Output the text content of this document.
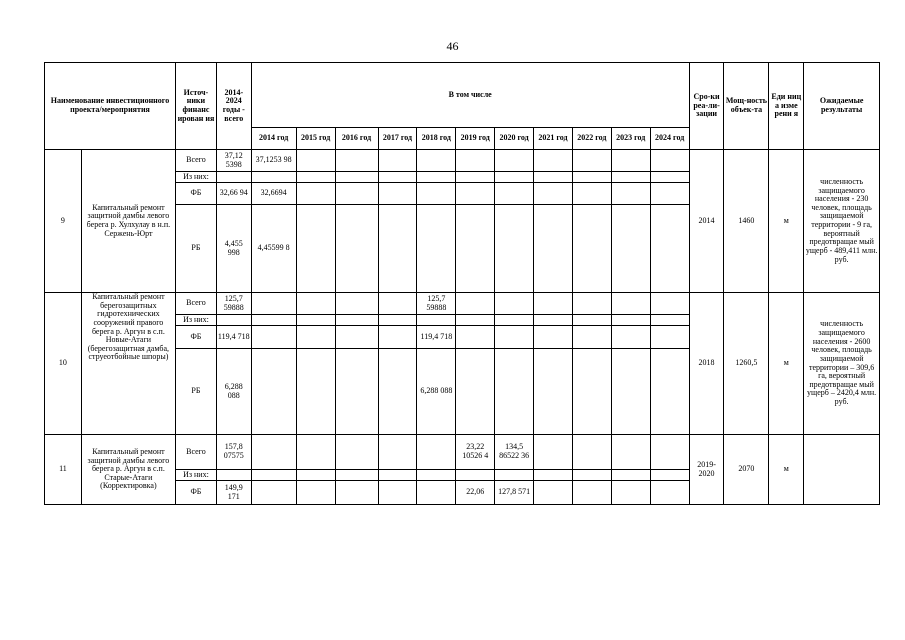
46
Наименование инвестиционного проекта/мероприятия		Источ-ники финанс ирован ия	2014-2024 годы - всего	В том числе											Сро-ки реа-ли-зации	Мощ-ность объек-та	Еди ниц а изме рени я	Ожидаемые результаты
				2014 год	2015 год	2016 год	2017 год	2018 год	2019 год	2020 год	2021 год	2022 год	2023 год	2024 год				
9	Капитальный ремонт защитной дамбы левого берега р. Хулхулау в н.п. Сержень-Юрт	Всего	37,12 5398	37,1253 98											2014	1460	м	численность защищаемого населения - 230 человек, площадь защищаемой территории - 9 га, вероятный предотвращае мый ущерб - 489,411 млн. руб.
		Из них:																
		ФБ	32,66 94	32,6694														
		РБ	4,455 998	4,45599 8														
10	Капитальный ремонт берегозащитных гидротехнических сооружений правого берега р. Аргун в с.п. Новые-Атаги (берегозащитная дамба, струеотбойные шпоры)	Всего	125,7 59888					125,7 59888							2018	1260,5	м	численность защищаемого населения - 2600 человек, площадь защищаемой территории – 309,6 га, вероятный предотвращае мый ущерб – 2420,4 млн. руб.
		Из них:																
		ФБ	119,4 718					119,4 718										
		РБ	6,288 088					6,288 088										
11	Капитальный ремонт защитной дамбы левого берега р. Аргун в с.п. Старые-Атаги (Корректировка)	Всего	157,8 07575						23,22 10526 4	134,5 86522 36					2019-2020	2070	м	
		Из них:																
		ФБ	149,9 171						22,06	127,8 571								
